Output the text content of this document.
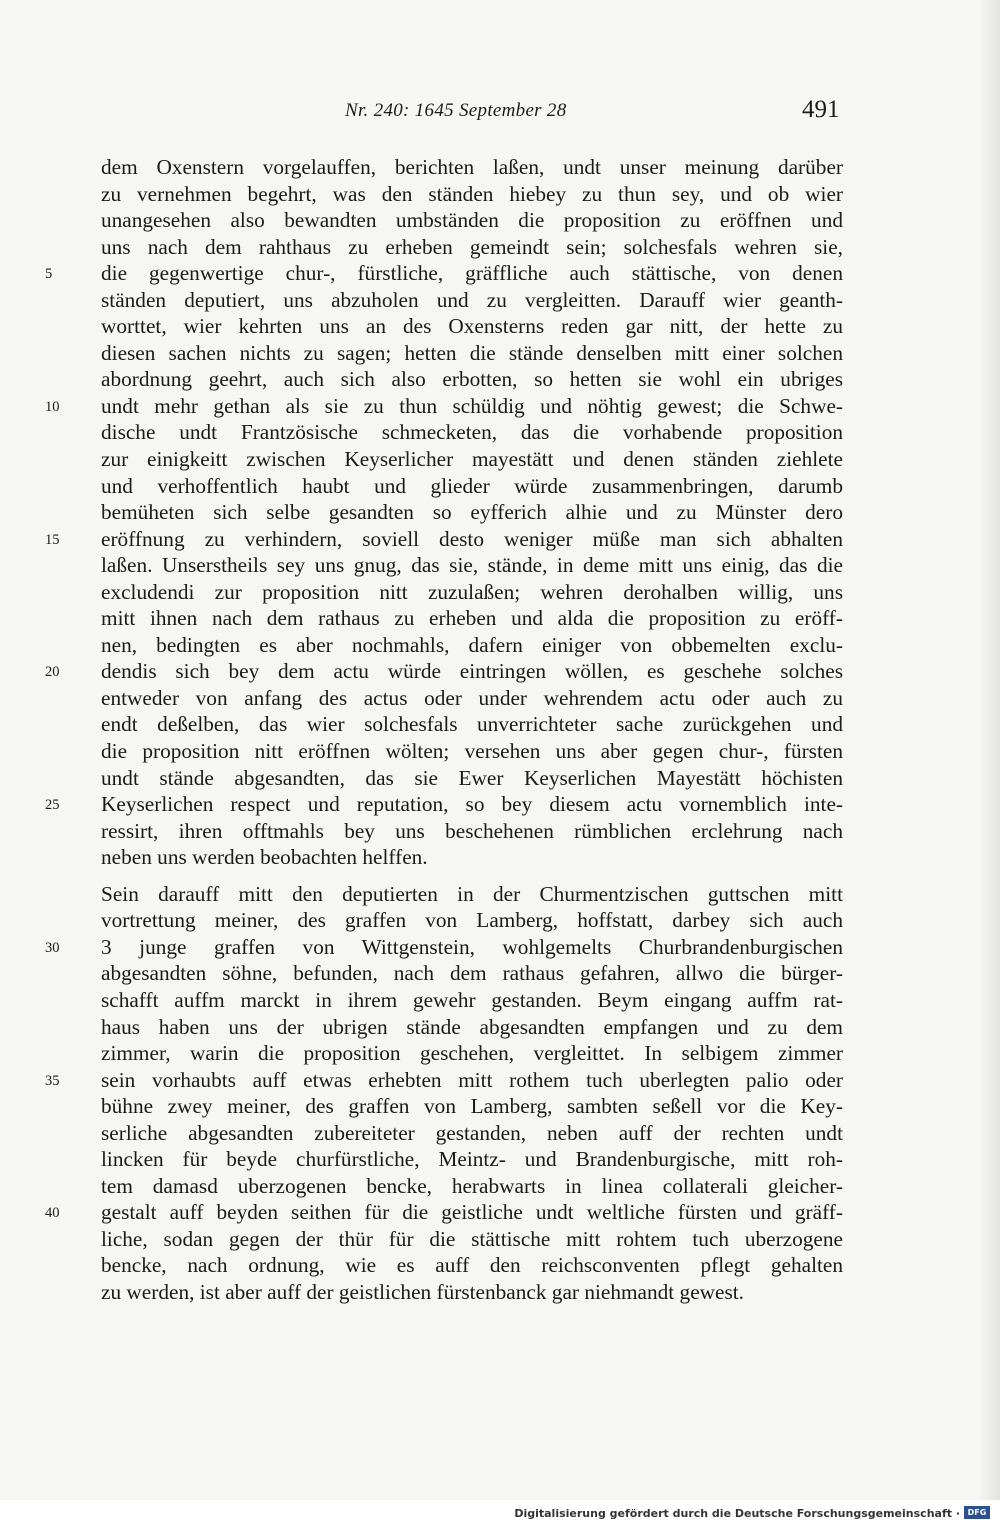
Nr. 240: 1645 September 28	491
dem Oxenstern vorgelauffen, berichten laßen, undt unser meinung darüber
zu vernehmen begehrt, was den ständen hiebey zu thun sey, und ob wier
unangesehen also bewandten umbständen die proposition zu eröffnen und
uns nach dem rahthaus zu erheben gemeindt sein; solchesfals wehren sie,
die gegenwertige chur-, fürstliche, gräffliche auch stättische, von denen
5
ständen deputiert, uns abzuholen und zu vergleitten. Darauff wier geanth-
worttet, wier kehrten uns an des Oxensterns reden gar nitt, der hette zu
diesen sachen nichts zu sagen; hetten die stände denselben mitt einer solchen
abordnung geehrt, auch sich also erbotten, so hetten sie wohl ein ubriges
undt mehr gethan als sie zu thun schüldig und nöhtig gewest; die Schwe-
10
dische undt Frantzösische schmecketen, das die vorhabende proposition
zur einigkeitt zwischen Keyserlicher mayestätt und denen ständen ziehlete
und verhoffentlich haubt und glieder würde zusammenbringen, darumb
bemüheten sich selbe gesandten so eyfferich alhie und zu Münster dero
eröffnung zu verhindern, soviell desto weniger müße man sich abhalten
15
laßen. Unserstheils sey uns gnug, das sie, stände, in deme mitt uns einig, das die
excludendi zur proposition nitt zuzulaßen; wehren derohalben willig, uns
mitt ihnen nach dem rathaus zu erheben und alda die proposition zu eröff-
nen, bedingten es aber nochmahls, dafern einiger von obbemelten exclu-
dendis sich bey dem actu würde eintringen wöllen, es geschehe solches
20
entweder von anfang des actus oder under wehrendem actu oder auch zu
endt deßelben, das wier solchesfals unverrichteter sache zurückgehen und
die proposition nitt eröffnen wölten; versehen uns aber gegen chur-, fürsten
undt stände abgesandten, das sie Ewer Keyserlichen Mayestätt höchisten
Keyserlichen respect und reputation, so bey diesem actu vornemblich inte-
25
ressirt, ihren offtmahls bey uns beschehenen rümblichen erclehrung nach
neben uns werden beobachten helffen.
Sein darauff mitt den deputierten in der Churmentzischen guttschen mitt
vortrettung meiner, des graffen von Lamberg, hoffstatt, darbey sich auch
3 junge graffen von Wittgenstein, wohlgemelts Churbrandenburgischen
30
abgesandten söhne, befunden, nach dem rathaus gefahren, allwo die bürger-
schafft auffm marckt in ihrem gewehr gestanden. Beym eingang auffm rat-
haus haben uns der ubrigen stände abgesandten empfangen und zu dem
zimmer, warin die proposition geschehen, vergleittet. In selbigem zimmer
sein vorhaubts auff etwas erhebten mitt rothem tuch uberlegten palio oder
35
bühne zwey meiner, des graffen von Lamberg, sambten seßell vor die Key-
serliche abgesandten zubereiteter gestanden, neben auff der rechten undt
lincken für beyde churfürstliche, Meintz- und Brandenburgische, mitt roh-
tem damasd uberzogenen bencke, herabwarts in linea collaterali gleicher-
gestalt auff beyden seithen für die geistliche undt weltliche fürsten und gräff-
40
liche, sodan gegen der thür für die stättische mitt rohtem tuch uberzogene
bencke, nach ordnung, wie es auff den reichsconventen pflegt gehalten
zu werden, ist aber auff der geistlichen fürstenbanck gar niehmandt gewest.
Digitalisierung gefördert durch die Deutsche Forschungsgemeinschaft · DFG
